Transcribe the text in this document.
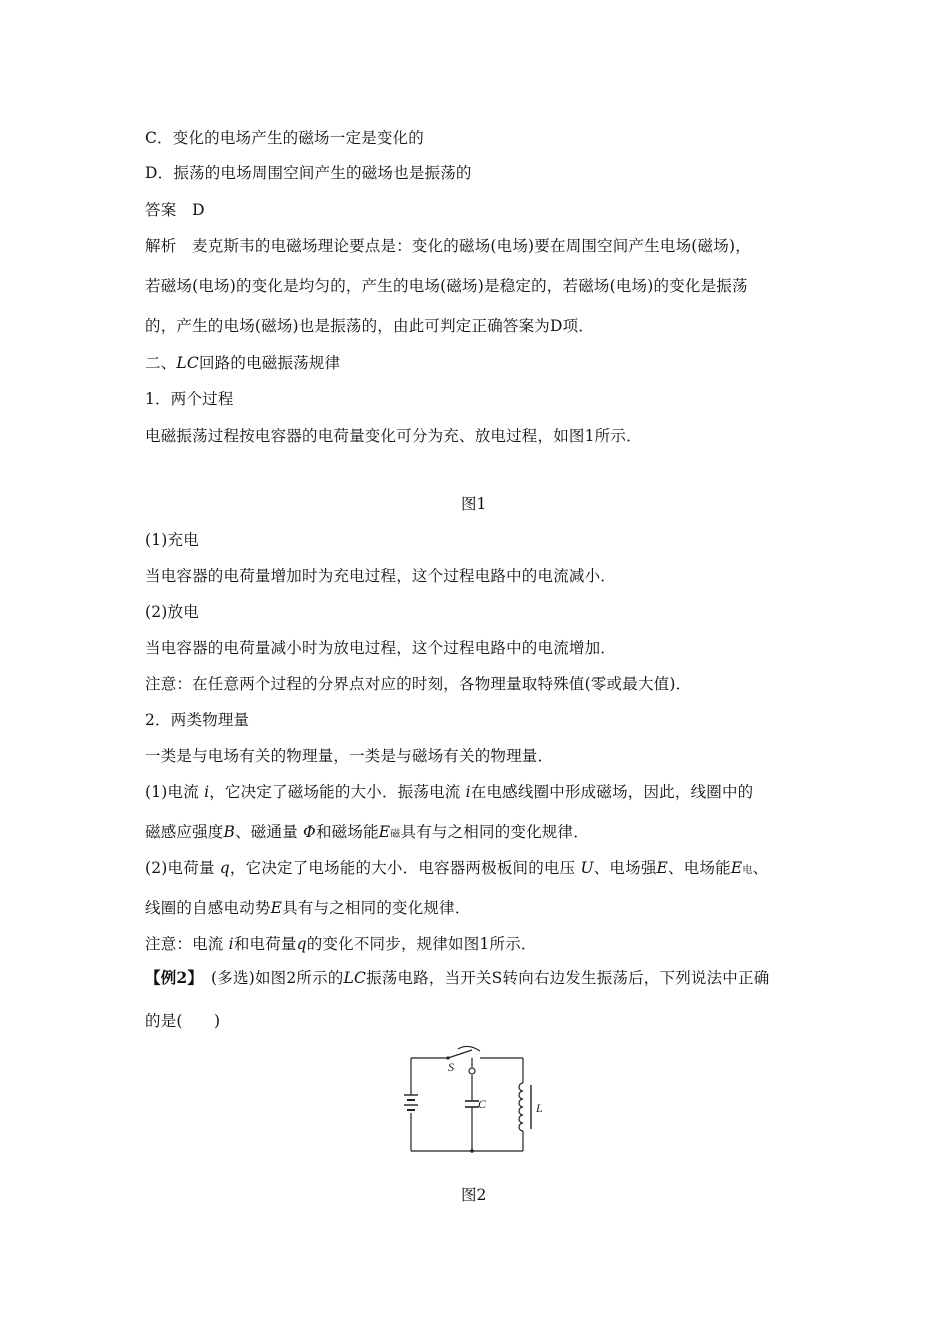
C．变化的电场产生的磁场一定是变化的
D．振荡的电场周围空间产生的磁场也是振荡的
答案　D
解析　麦克斯韦的电磁场理论要点是：变化的磁场(电场)要在周围空间产生电场(磁场)，
若磁场(电场)的变化是均匀的，产生的电场(磁场)是稳定的，若磁场(电场)的变化是振荡
的，产生的电场(磁场)也是振荡的，由此可判定正确答案为D项．
二、LC回路的电磁振荡规律
1．两个过程
电磁振荡过程按电容器的电荷量变化可分为充、放电过程，如图1所示．
图1
(1)充电
当电容器的电荷量增加时为充电过程，这个过程电路中的电流减小．
(2)放电
当电容器的电荷量减小时为放电过程，这个过程电路中的电流增加．
注意：在任意两个过程的分界点对应的时刻，各物理量取特殊值(零或最大值)．
2．两类物理量
一类是与电场有关的物理量，一类是与磁场有关的物理量．
(1)电流 i，它决定了磁场能的大小．振荡电流 i在电感线圈中形成磁场，因此，线圈中的
磁感应强度B、磁通量 Φ和磁场能E磁具有与之相同的变化规律．
(2)电荷量 q，它决定了电场能的大小．电容器两极板间的电压 U、电场强E、电场能E电、
线圈的自感电动势E具有与之相同的变化规律．
注意：电流 i和电荷量q的变化不同步，规律如图1所示．
【例2】　(多选)如图2所示的LC振荡电路，当开关S转向右边发生振荡后，下列说法中正确
的是(　　)
S
C	L
图2
